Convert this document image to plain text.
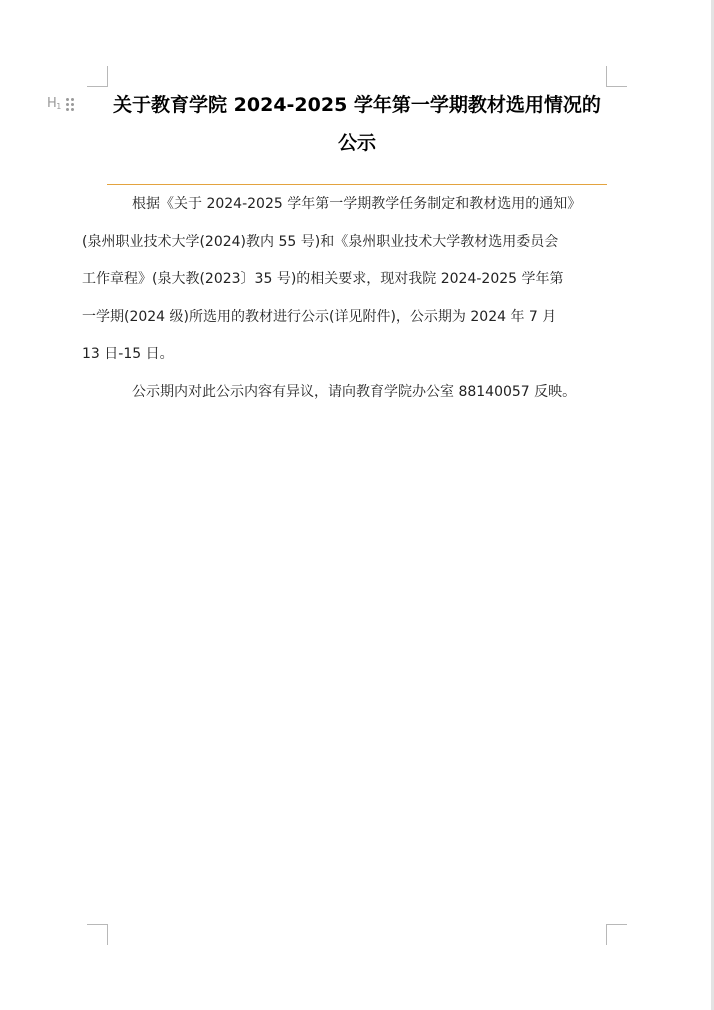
$H_1$	关于教育学院 2024-2025 学年第一学期教材选用情况的公示

根据《关于 2024-2025 学年第一学期教学任务制定和教材选用的通知》
(泉州职业技术大学(2024)教内 55 号)和《泉州职业技术大学教材选用委员会
工作章程》(泉大教(2023〕35 号)的相关要求，现对我院 2024-2025 学年第
一学期(2024 级)所选用的教材进行公示(详见附件)，公示期为 2024 年 7 月
13 日-15 日。

公示期内对此公示内容有异议，请向教育学院办公室 88140057 反映。
